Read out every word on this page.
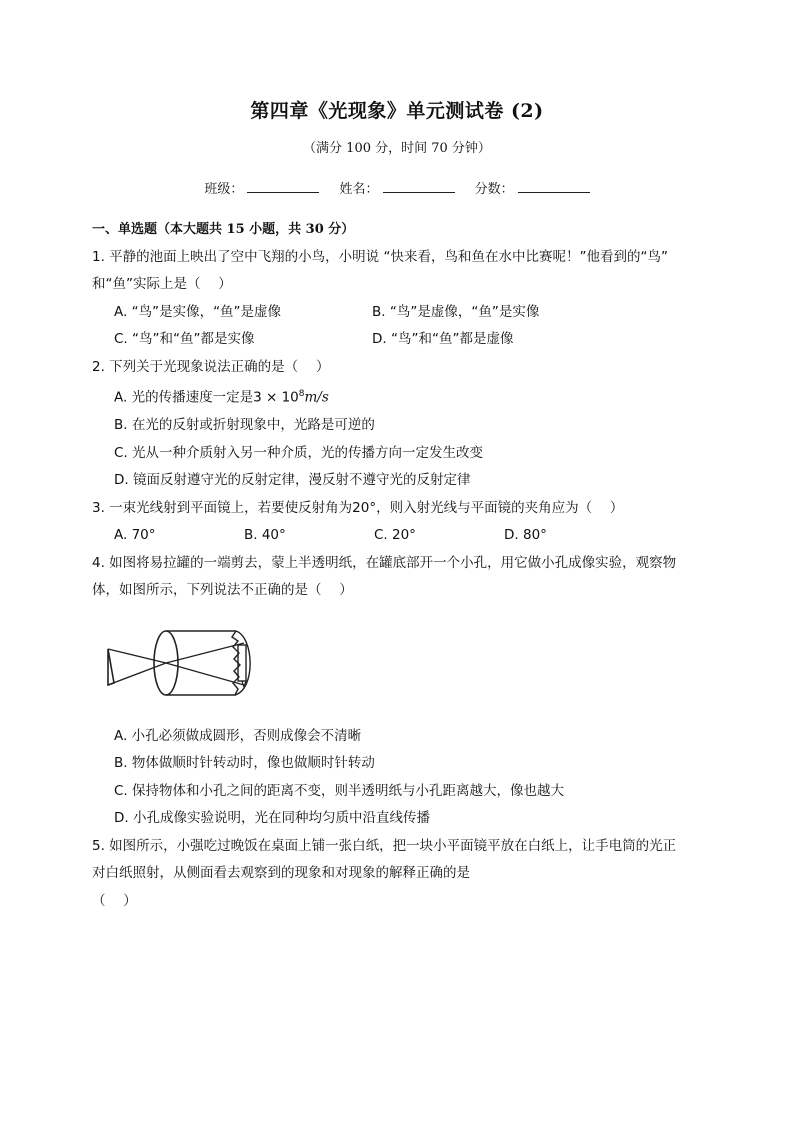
第四章《光现象》单元测试卷 (2)
（满分 100 分，时间 70 分钟）
班级：	姓名：	分数：
一、单选题（本大题共 15 小题，共 30 分）
1. 平静的池面上映出了空中飞翔的小鸟，小明说 “快来看，鸟和鱼在水中比赛呢！”他看到的“鸟”
和“鱼”实际上是（　 ）
A. “鸟”是实像，“鱼”是虚像	B. “鸟”是虚像，“鱼”是实像
C. “鸟”和“鱼”都是实像	D. “鸟”和“鱼”都是虚像
2. 下列关于光现象说法正确的是（　 ）
A. 光的传播速度一定是$3 \times 10^8m/s$
B. 在光的反射或折射现象中，光路是可逆的
C. 光从一种介质射入另一种介质，光的传播方向一定发生改变
D. 镜面反射遵守光的反射定律，漫反射不遵守光的反射定律
3. 一束光线射到平面镜上，若要使反射角为20°，则入射光线与平面镜的夹角应为（　 ）
A. 70°	B. 40°	C. 20°	D. 80°
4. 如图将易拉罐的一端剪去，蒙上半透明纸，在罐底部开一个小孔，用它做小孔成像实验，观察物
体，如图所示，下列说法不正确的是（　 ）
A. 小孔必须做成圆形，否则成像会不清晰
B. 物体做顺时针转动时，像也做顺时针转动
C. 保持物体和小孔之间的距离不变，则半透明纸与小孔距离越大，像也越大
D. 小孔成像实验说明，光在同种均匀质中沿直线传播
5. 如图所示，小强吃过晚饭在桌面上铺一张白纸，把一块小平面镜平放在白纸上，让手电筒的光正
对白纸照射，从侧面看去观察到的现象和对现象的解释正确的是
（　 ）
